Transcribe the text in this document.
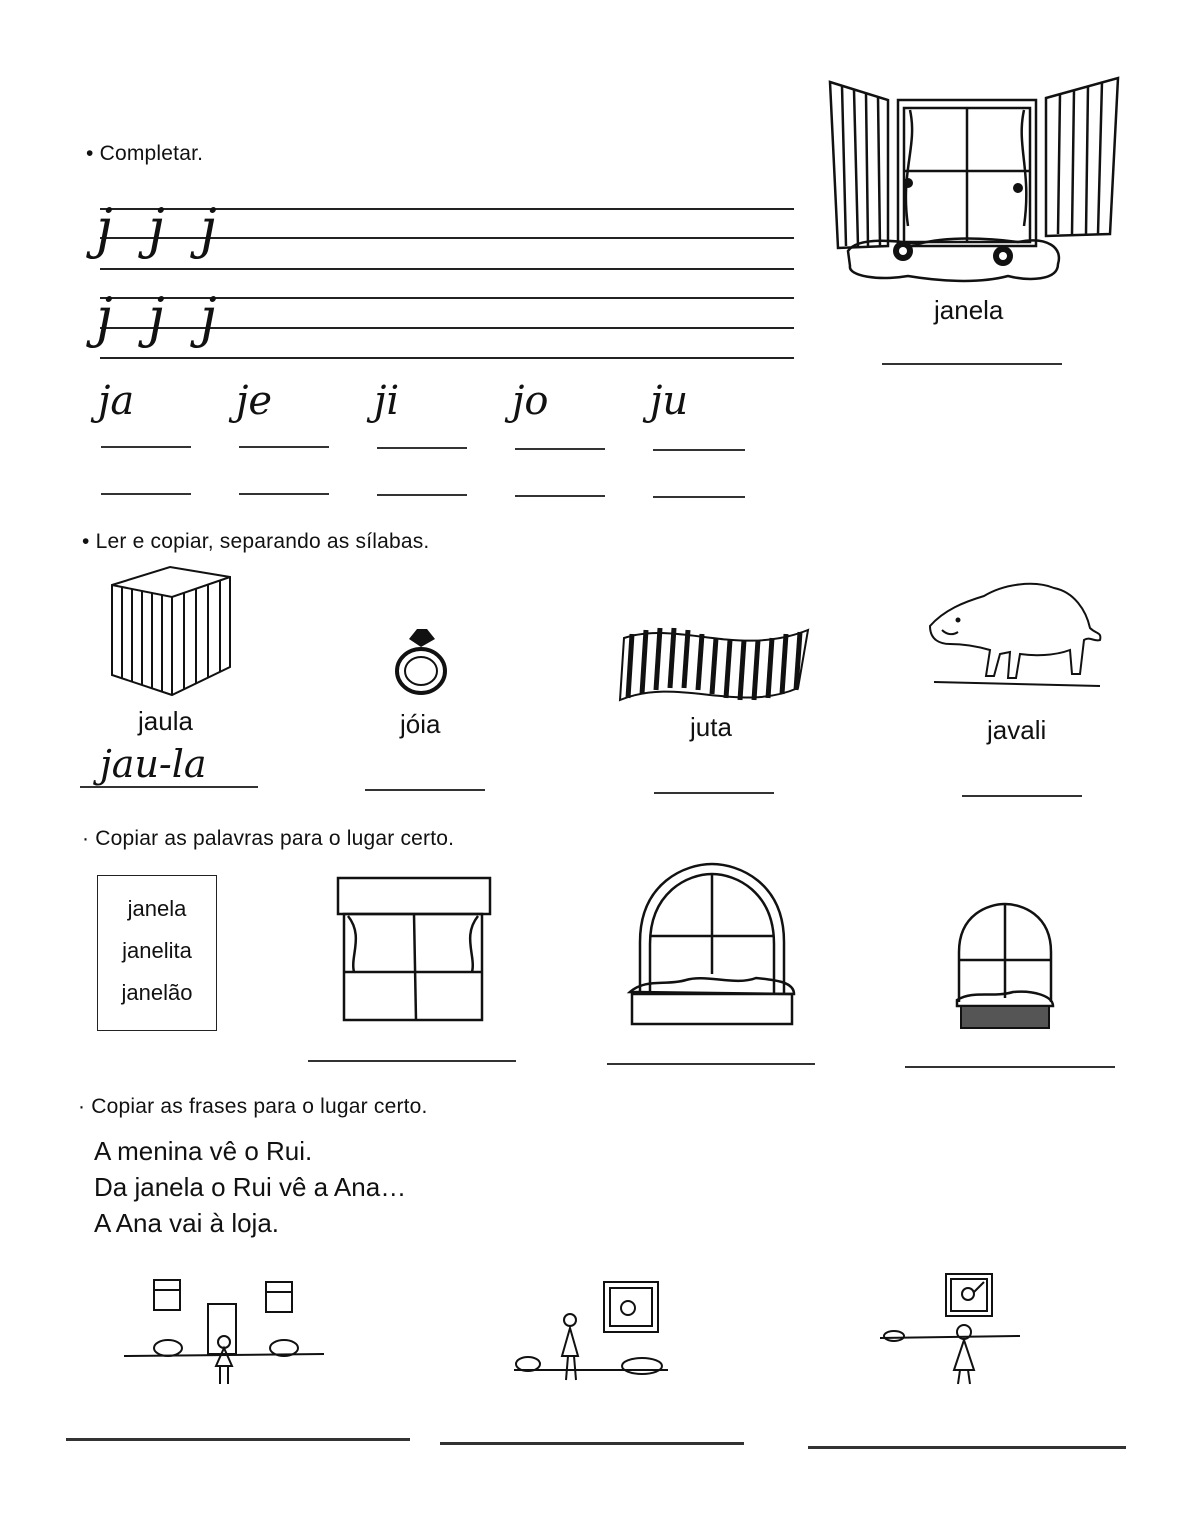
• Completar.
j j j
j j j
ja	je	ji	jo	ju
janela
• Ler e copiar, separando as sílabas.
jaula	jóia	juta	javali
jau-la
· Copiar as palavras para o lugar certo.
janela
janelita
janelão
· Copiar as frases para o lugar certo.
A menina vê o Rui.
Da janela o Rui vê a Ana…
A Ana vai à loja.
